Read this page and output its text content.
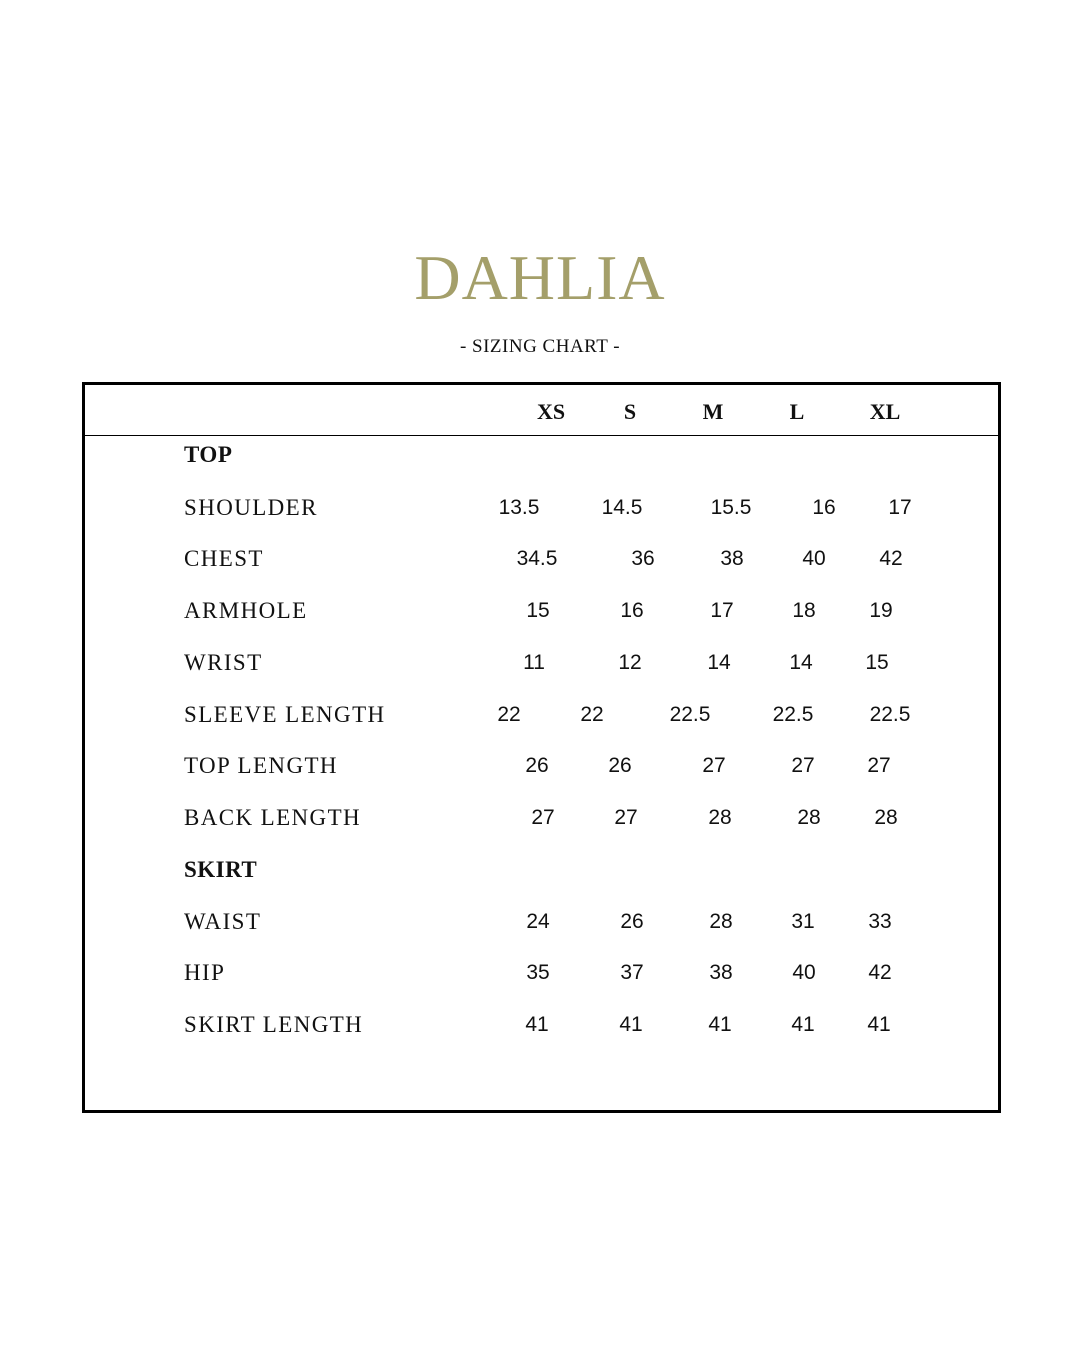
DAHLIA
- SIZING CHART -
XS	S	M	L	XL
TOP
SHOULDER	13.5	14.5	15.5	16	17
CHEST	34.5	36	38	40	42
ARMHOLE	15	16	17	18	19
WRIST	11	12	14	14	15
SLEEVE LENGTH	22	22	22.5	22.5	22.5
TOP LENGTH	26	26	27	27	27
BACK LENGTH	27	27	28	28	28
SKIRT
WAIST	24	26	28	31	33
HIP	35	37	38	40	42
SKIRT LENGTH	41	41	41	41	41
